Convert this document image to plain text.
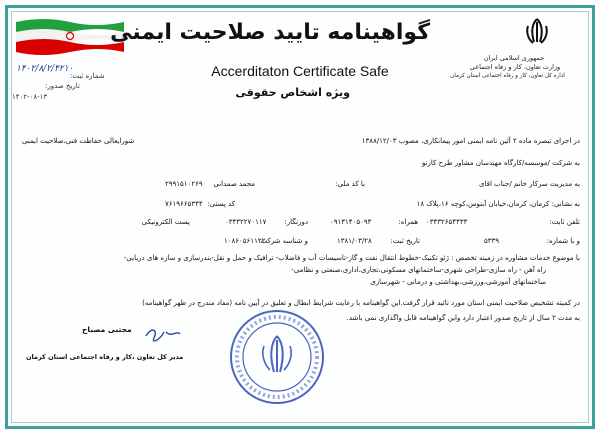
گواهینامه تایید صلاحیت ایمنی
Accerditaton Certificate Safe
ویژه اشخاص حقوقی
جمهوری اسلامی ایران
وزارت تعاون، کار و رفاه اجتماعی
اداره کل تعاون، کار و رفاه اجتماعی استان کرمان
۱۴۰۲/۸/۲/۴۲۱۰
شماره ثبت:
تاریخ صدور:
۱۴۰۲-۰۸-۱۳
در اجرای تبصره ماده ۲ آئین نامه ایمنی امور پیمانکاری، مصوب ۱۳۸۸/۱۲/۰۳
شورایعالی حفاظت فنی،صلاحیت ایمنی
به شرکت /موسسه/کارگاه مهندسان مشاور طرح کارنو
به مدیریت سرکار خانم /جناب اقای
محمد صمدانی	با کد ملی:
۲۹۹۱۵۱۰۲۶۹
به نشانی: کرمان، کرمان،خیابان آبنوس،کوچه ۱۶،پلاک ۱۸
کد پستی:
۷۶۱۹۶۶۵۳۴۴
تلفن ثابت:
۰۳۴۳۲۶۵۴۴۳۳
همراه:
۰۹۱۳۱۴۰۵۰۹۳
دورنگار:
۰۳۴۳۲۲۷۰۱۱۷
پست الکترونیکی
و با شماره:
۵۳۳۹
تاریخ ثبت:
۱۳۸۱/۰۳/۲۸
و شناسه شرکت:
۱۰۸۶۰۵۶۱۱۲۲
با موضوع خدمات مشاوره در زمینه تخصص : ژئو تکنیک-خطوط انتقال نفت و گاز-تاسیسات آب و فاضلاب- ترافیک و حمل و نقل-بندرسازی و سازه های دریایی-
راه آهن - راه سازی-طراحی شهری-ساختمانهای مسکونی،تجاری،اداری،صنعتی و نظامی-
ساختمانهای آموزشی،ورزشی،بهداشتی و درمانی - شهرسازی
در کمیته تشخیص صلاحیت ایمنی استان مورد تائید قرار گرفت.این گواهینامه با رعایت شرایط ابطال و تعلیق در آیین نامه (مفاد مندرج در ظهر گواهینامه)
به مدت ۲ سال از تاریخ صدور اعتبار دارد واین گواهینامه قابل واگذاری نمی باشد.
مجتبی مصباح
مدیر کل تعاون ،کار و رفاه اجتماعی استان کرمان
